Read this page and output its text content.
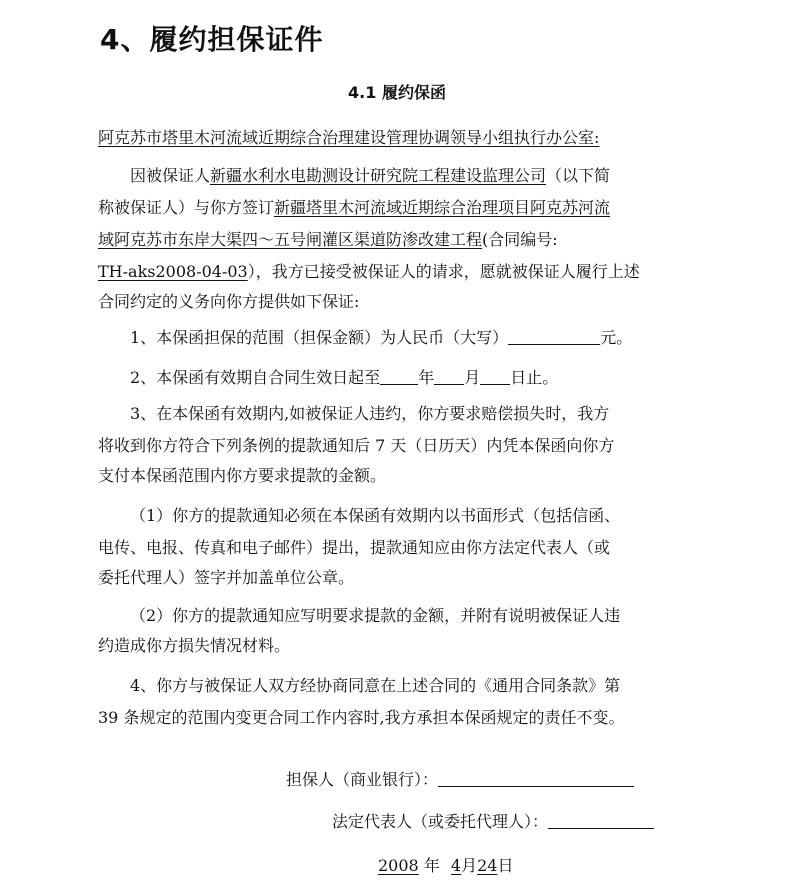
4、履约担保证件
4.1 履约保函
阿克苏市塔里木河流域近期综合治理建设管理协调领导小组执行办公室:
因被保证人新疆水利水电勘测设计研究院工程建设监理公司（以下简
称被保证人）与你方签订新疆塔里木河流域近期综合治理项目阿克苏河流
域阿克苏市东岸大渠四～五号闸灌区渠道防渗改建工程(合同编号:
TH-aks2008-04-03），我方已接受被保证人的请求，愿就被保证人履行上述
合同约定的义务向你方提供如下保证:
1、本保函担保的范围（担保金额）为人民币（大写）	元。
2、本保函有效期自合同生效日起至 年 月 日止。
3、在本保函有效期内,如被保证人违约，你方要求赔偿损失时，我方
将收到你方符合下列条例的提款通知后 7 天（日历天）内凭本保函向你方
支付本保函范围内你方要求提款的金额。
（1）你方的提款通知必须在本保函有效期内以书面形式（包括信函、
电传、电报、传真和电子邮件）提出，提款通知应由你方法定代表人（或
委托代理人）签字并加盖单位公章。
（2）你方的提款通知应写明要求提款的金额，并附有说明被保证人违
约造成你方损失情况材料。
4、你方与被保证人双方经协商同意在上述合同的《通用合同条款》第
39 条规定的范围内变更合同工作内容时,我方承担本保函规定的责任不变。
担保人（商业银行）：
法定代表人（或委托代理人）：
2008 年 4月24日
